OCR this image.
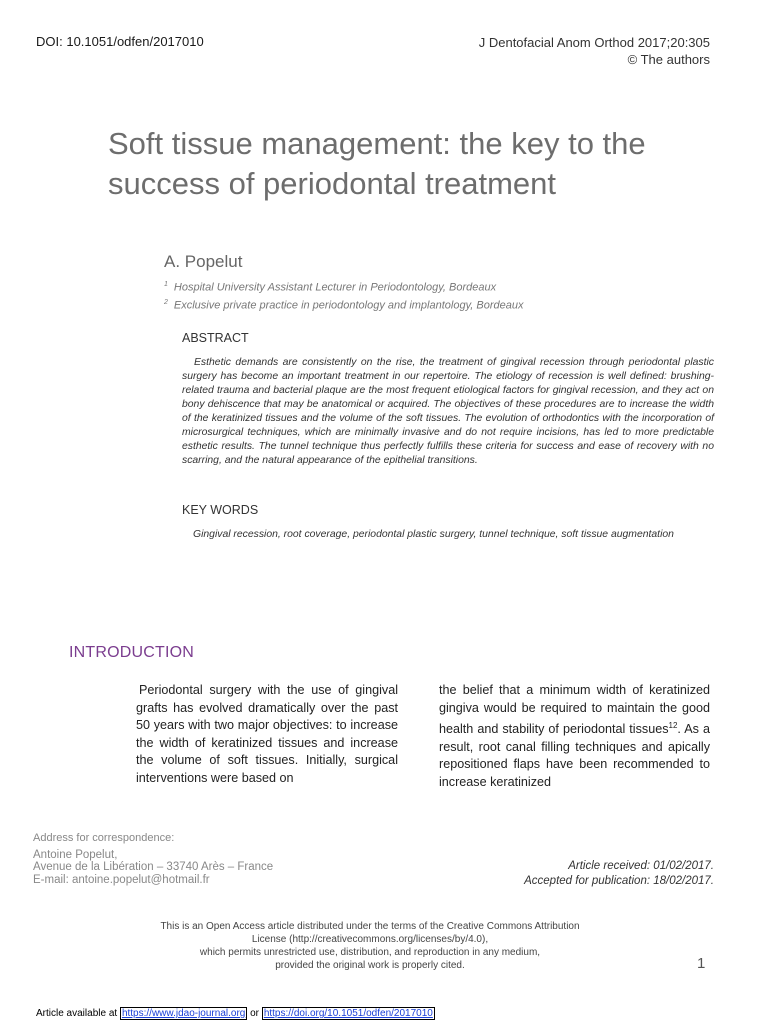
DOI: 10.1051/odfen/2017010	J Dentofacial Anom Orthod 2017;20:305
© The authors
Soft tissue management: the key to the
success of periodontal treatment
A. Popelut
$^1$ Hospital University Assistant Lecturer in Periodontology, Bordeaux
$^2$ Exclusive private practice in periodontology and implantology, Bordeaux
ABSTRACT
Esthetic demands are consistently on the rise, the treatment of gingival recession through periodontal plastic surgery has become an important treatment in our repertoire. The etiology of recession is well defined: brushing-related trauma and bacterial plaque are the most frequent etiological factors for gingival recession, and they act on bony dehiscence that may be anatomical or acquired. The objectives of these procedures are to increase the width of the keratinized tissues and the volume of the soft tissues. The evolution of orthodontics with the incorporation of microsurgical techniques, which are minimally invasive and do not require incisions, has led to more predictable esthetic results. The tunnel technique thus perfectly fulfills these criteria for success and ease of recovery with no scarring, and the natural appearance of the epithelial transitions.
KEY WORDS
Gingival recession, root coverage, periodontal plastic surgery, tunnel technique, soft tissue augmentation
INTRODUCTION
Periodontal surgery with the use of gingival grafts has evolved dramatically over the past 50 years with two major objectives: to increase the width of keratinized tissues and increase the volume of soft tissues. Initially, surgical interventions were based on
the belief that a minimum width of keratinized gingiva would be required to maintain the good health and stability of periodontal tissues$^{12}$. As a result, root canal filling techniques and apically repositioned flaps have been recommended to increase keratinized
Address for correspondence:
Antoine Popelut,
Avenue de la Libération – 33740 Arès – France
E-mail: antoine.popelut@hotmail.fr
Article received: 01/02/2017.
Accepted for publication: 18/02/2017.
This is an Open Access article distributed under the terms of the Creative Commons Attribution
License (http://creativecommons.org/licenses/by/4.0),
which permits unrestricted use, distribution, and reproduction in any medium,
provided the original work is properly cited.	1
Article available at https://www.jdao-journal.org or https://doi.org/10.1051/odfen/2017010
